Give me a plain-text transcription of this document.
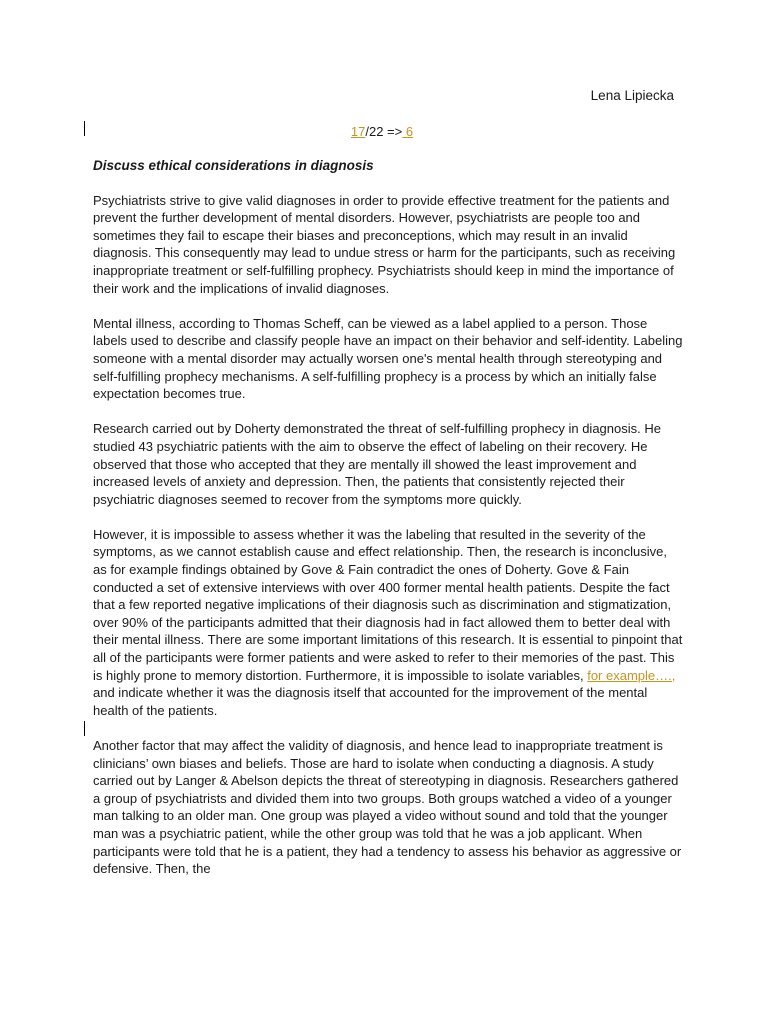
Lena Lipiecka
17/22 => 6
Discuss ethical considerations in diagnosis

Psychiatrists strive to give valid diagnoses in order to provide effective treatment for the patients and prevent the further development of mental disorders. However, psychiatrists are people too and sometimes they fail to escape their biases and preconceptions, which may result in an invalid diagnosis. This consequently may lead to undue stress or harm for the participants, such as receiving inappropriate treatment or self-fulfilling prophecy. Psychiatrists should keep in mind the importance of their work and the implications of invalid diagnoses.

Mental illness, according to Thomas Scheff, can be viewed as a label applied to a person. Those labels used to describe and classify people have an impact on their behavior and self-identity. Labeling someone with a mental disorder may actually worsen one's mental health through stereotyping and self-fulfilling prophecy mechanisms. A self-fulfilling prophecy is a process by which an initially false expectation becomes true.

Research carried out by Doherty demonstrated the threat of self-fulfilling prophecy in diagnosis. He studied 43 psychiatric patients with the aim to observe the effect of labeling on their recovery. He observed that those who accepted that they are mentally ill showed the least improvement and increased levels of anxiety and depression. Then, the patients that consistently rejected their psychiatric diagnoses seemed to recover from the symptoms more quickly.

However, it is impossible to assess whether it was the labeling that resulted in the severity of the symptoms, as we cannot establish cause and effect relationship. Then, the research is inconclusive, as for example findings obtained by Gove & Fain contradict the ones of Doherty. Gove & Fain conducted a set of extensive interviews with over 400 former mental health patients. Despite the fact that a few reported negative implications of their diagnosis such as discrimination and stigmatization, over 90% of the participants admitted that their diagnosis had in fact allowed them to better deal with their mental illness. There are some important limitations of this research. It is essential to pinpoint that all of the participants were former patients and were asked to refer to their memories of the past. This is highly prone to memory distortion. Furthermore, it is impossible to isolate variables, for example…., and indicate whether it was the diagnosis itself that accounted for the improvement of the mental health of the patients.

Another factor that may affect the validity of diagnosis, and hence lead to inappropriate treatment is clinicians’ own biases and beliefs. Those are hard to isolate when conducting a diagnosis. A study carried out by Langer & Abelson depicts the threat of stereotyping in diagnosis. Researchers gathered a group of psychiatrists and divided them into two groups. Both groups watched a video of a younger man talking to an older man. One group was played a video without sound and told that the younger man was a psychiatric patient, while the other group was told that he was a job applicant. When participants were told that he is a patient, they had a tendency to assess his behavior as aggressive or defensive. Then, the
